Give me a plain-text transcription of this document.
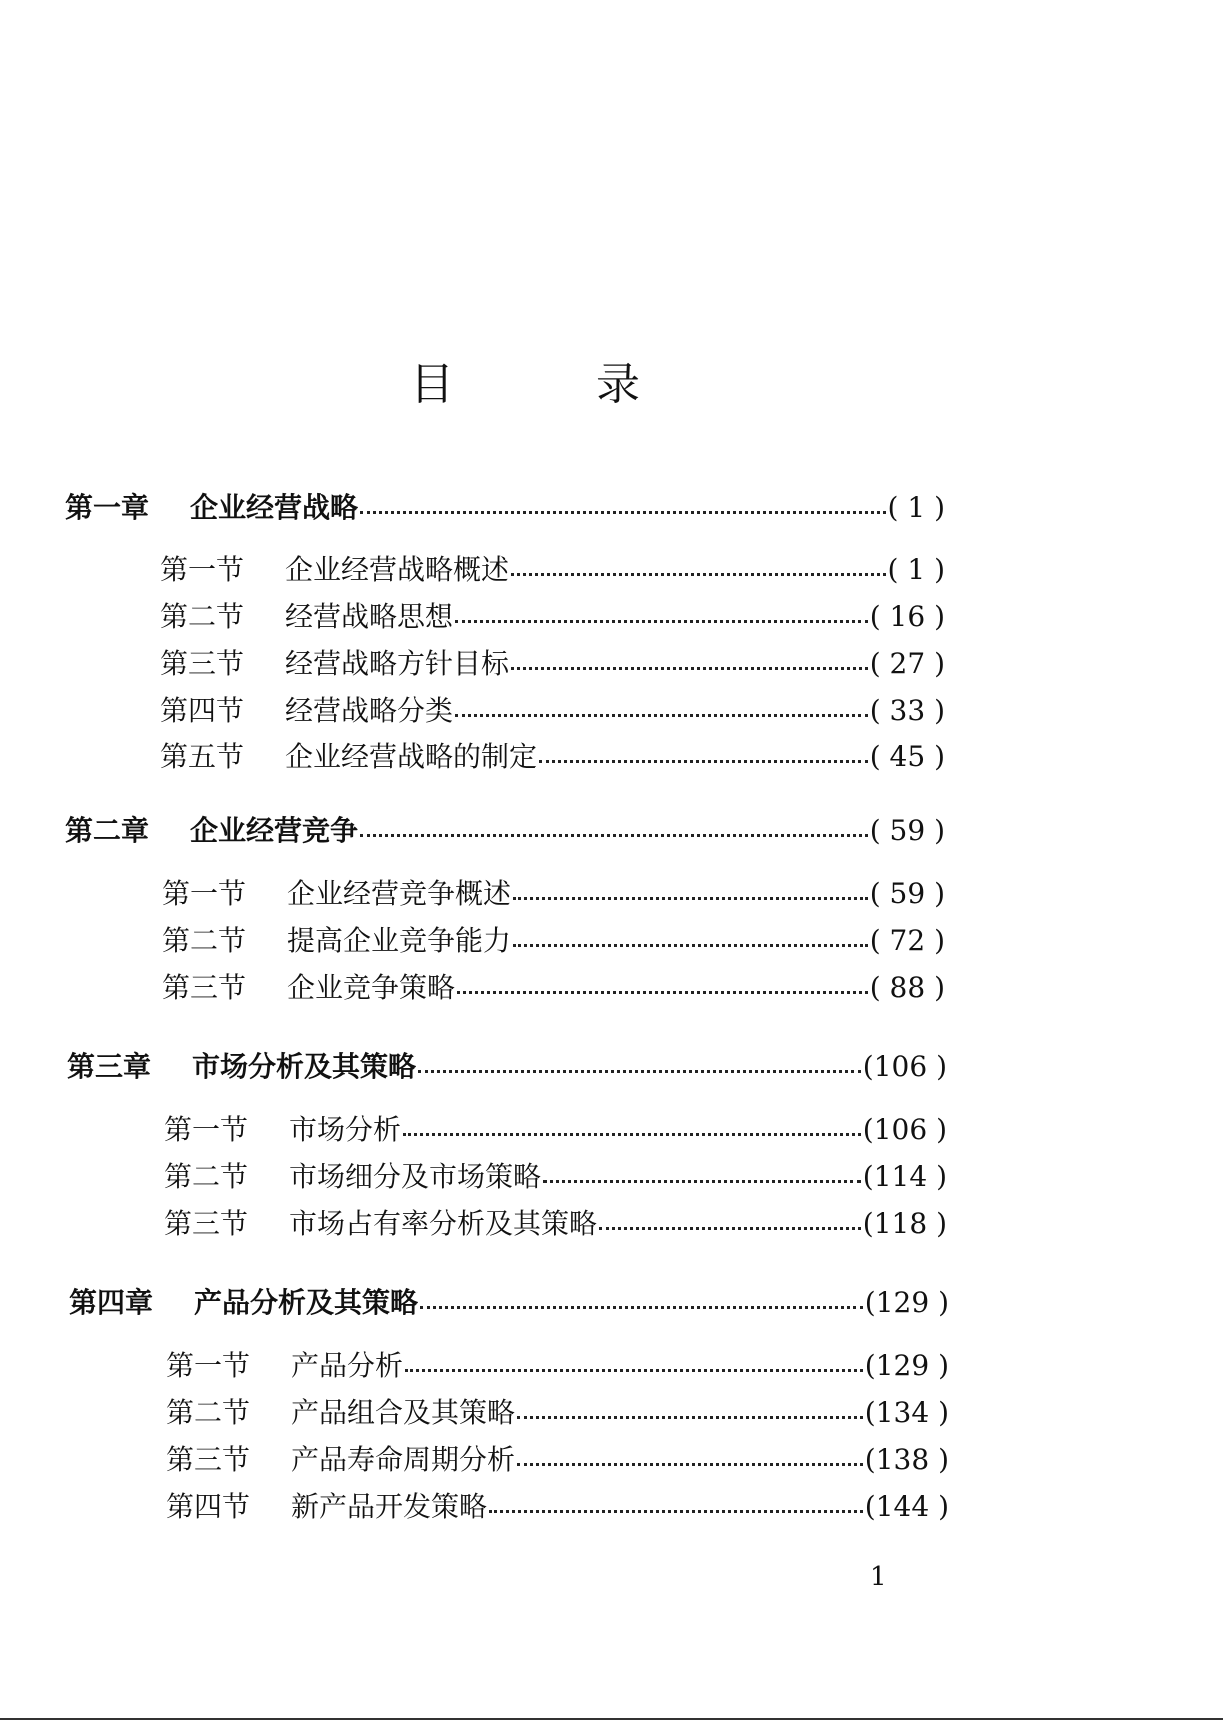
目	录
第一章	企业经营战略	( 1 )
第一节	企业经营战略概述	( 1 )
第二节	经营战略思想	( 16 )
第三节	经营战略方针目标	( 27 )
第四节	经营战略分类	( 33 )
第五节	企业经营战略的制定	( 45 )
第二章	企业经营竞争	( 59 )
第一节	企业经营竞争概述	( 59 )
第二节	提高企业竞争能力	( 72 )
第三节	企业竞争策略	( 88 )
第三章	市场分析及其策略	(106 )
第一节	市场分析	(106 )
第二节	市场细分及市场策略	(114 )
第三节	市场占有率分析及其策略	(118 )
第四章	产品分析及其策略	(129 )
第一节	产品分析	(129 )
第二节	产品组合及其策略	(134 )
第三节	产品寿命周期分析	(138 )
第四节	新产品开发策略	(144 )
1
